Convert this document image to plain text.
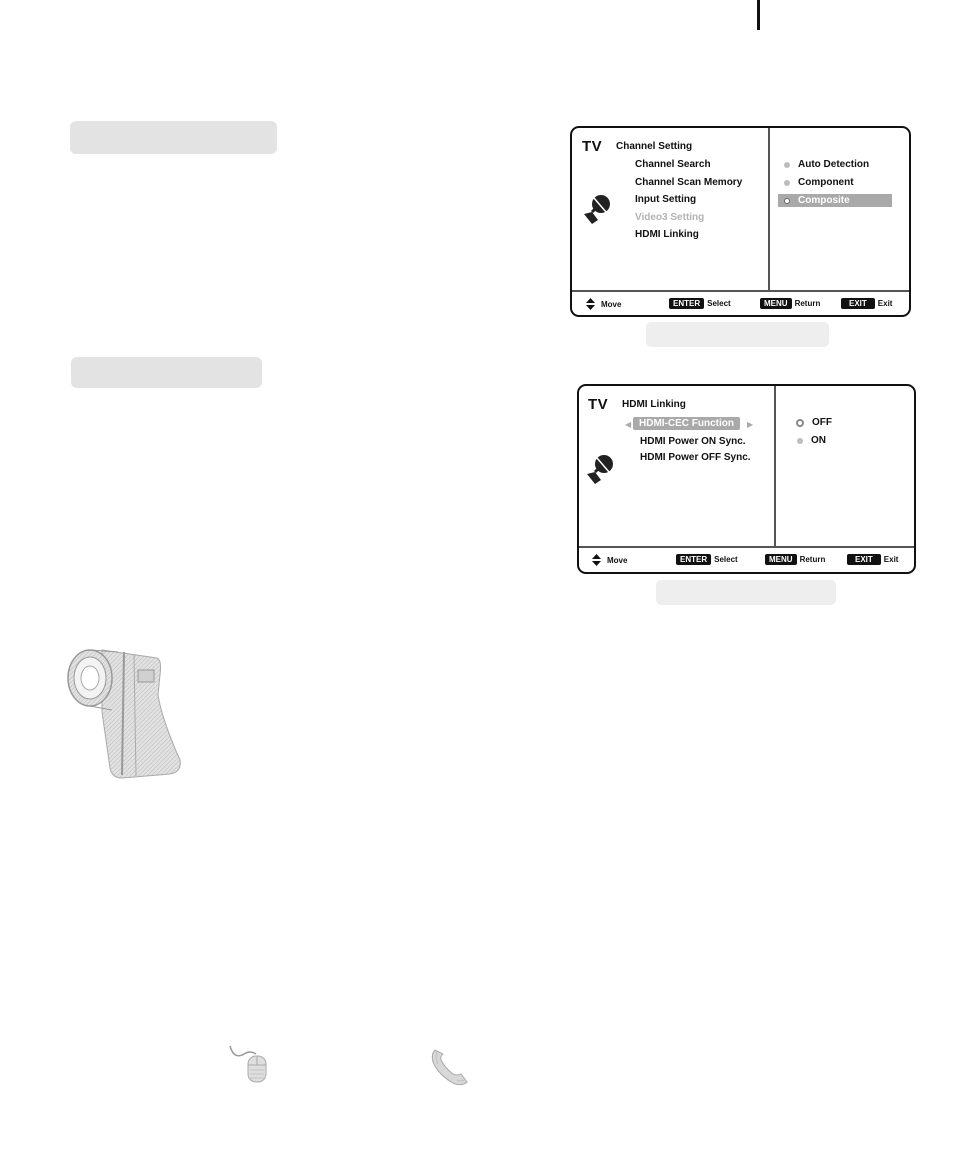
TV Channel Setting
Channel Search
Channel Scan Memory
Input Setting
Video3 Setting
HDMI Linking
Auto Detection
Component
Composite
Move	ENTER Select	MENU Return	EXIT	Exit
TV HDMI Linking
◀ HDMI-CEC Function	▶
HDMI Power ON Sync.
HDMI Power OFF Sync.
OFF
ON
Move	ENTER Select	MENU Return	EXIT	Exit
